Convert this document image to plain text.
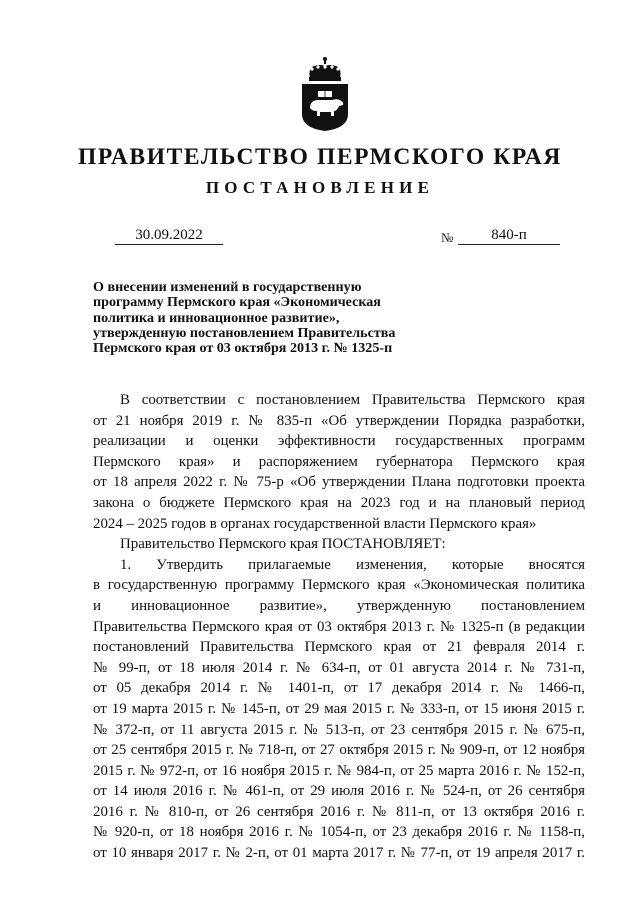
ПРАВИТЕЛЬСТВО ПЕРМСКОГО КРАЯ
ПОСТАНОВЛЕНИЕ
30.09.2022	№	840-п
О внесении изменений в государственную
программу Пермского края «Экономическая
политика и инновационное развитие»,
утвержденную постановлением Правительства
Пермского края от 03 октября 2013 г. № 1325-п

В соответствии с постановлением Правительства Пермского края

от 21 ноября 2019 г. № 835-п «Об утверждении Порядка разработки,

реализации и оценки эффективности государственных программ

Пермского края» и распоряжением губернатора Пермского края

от 18 апреля 2022 г. № 75-р «Об утверждении Плана подготовки проекта

закона о бюджете Пермского края на 2023 год и на плановый период

2024 – 2025 годов в органах государственной власти Пермского края»

Правительство Пермского края ПОСТАНОВЛЯЕТ:

1. Утвердить прилагаемые изменения, которые вносятся

в государственную программу Пермского края «Экономическая политика

и инновационное развитие», утвержденную постановлением

Правительства Пермского края от 03 октября 2013 г. № 1325-п (в редакции

постановлений Правительства Пермского края от 21 февраля 2014 г.

№ 99-п, от 18 июля 2014 г. № 634-п, от 01 августа 2014 г. № 731-п,

от 05 декабря 2014 г. № 1401-п, от 17 декабря 2014 г. № 1466-п,

от 19 марта 2015 г. № 145-п, от 29 мая 2015 г. № 333-п, от 15 июня 2015 г.

№ 372-п, от 11 августа 2015 г. № 513-п, от 23 сентября 2015 г. № 675-п,

от 25 сентября 2015 г. № 718-п, от 27 октября 2015 г. № 909-п, от 12 ноября

2015 г. № 972-п, от 16 ноября 2015 г. № 984-п, от 25 марта 2016 г. № 152-п,

от 14 июля 2016 г. № 461-п, от 29 июля 2016 г. № 524-п, от 26 сентября

2016 г. № 810-п, от 26 сентября 2016 г. № 811-п, от 13 октября 2016 г.

№ 920-п, от 18 ноября 2016 г. № 1054-п, от 23 декабря 2016 г. № 1158-п,

от 10 января 2017 г. № 2-п, от 01 марта 2017 г. № 77-п, от 19 апреля 2017 г.
